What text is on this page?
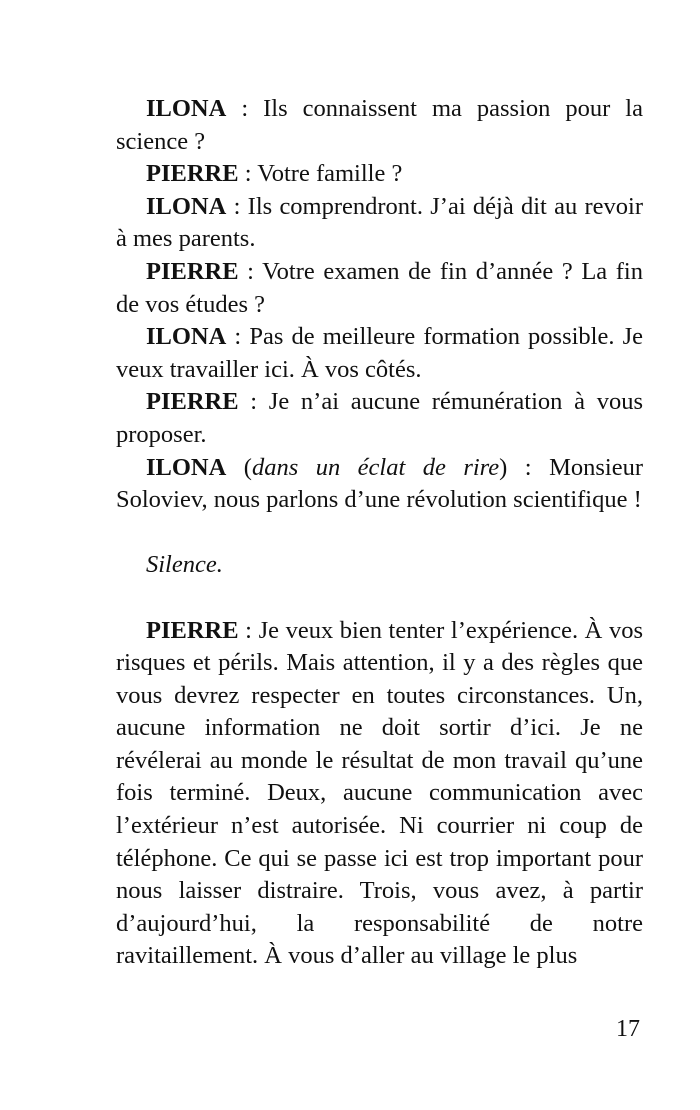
ILONA : Ils connaissent ma passion pour la science ?

PIERRE : Votre famille ?

ILONA : Ils comprendront. J’ai déjà dit au revoir à mes parents.

PIERRE : Votre examen de fin d’année ? La fin de vos études ?

ILONA : Pas de meilleure formation possible. Je veux travailler ici. À vos côtés.

PIERRE : Je n’ai aucune rémunération à vous proposer.

ILONA (dans un éclat de rire) : Monsieur Soloviev, nous parlons d’une révolution scientifique !

Silence.

PIERRE : Je veux bien tenter l’expérience. À vos risques et périls. Mais attention, il y a des règles que vous devrez respecter en toutes circonstances. Un, aucune information ne doit sortir d’ici. Je ne révélerai au monde le résultat de mon travail qu’une fois terminé. Deux, aucune communication avec l’extérieur n’est autorisée. Ni courrier ni coup de téléphone. Ce qui se passe ici est trop important pour nous laisser distraire. Trois, vous avez, à partir d’aujourd’hui, la responsabilité de notre ravitaillement. À vous d’aller au village le plus

17
